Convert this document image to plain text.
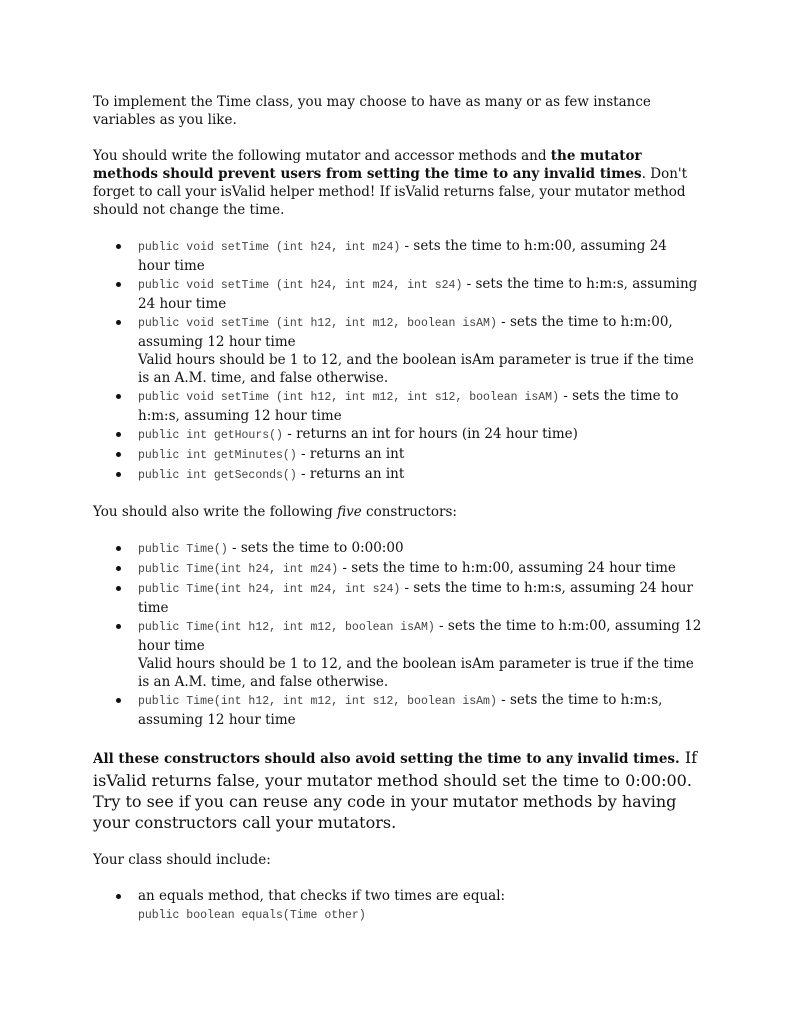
To implement the Time class, you may choose to have as many or as few instance variables as you like.

You should write the following mutator and accessor methods and the mutator methods should prevent users from setting the time to any invalid times. Don't forget to call your isValid helper method! If isValid returns false, your mutator method should not change the time.

public void setTime (int h24, int m24) - sets the time to h:m:00, assuming 24 hour time
public void setTime (int h24, int m24, int s24) - sets the time to h:m:s, assuming 24 hour time
public void setTime (int h12, int m12, boolean isAM) - sets the time to h:m:00, assuming 12 hour time
Valid hours should be 1 to 12, and the boolean isAm parameter is true if the time is an A.M. time, and false otherwise.
public void setTime (int h12, int m12, int s12, boolean isAM) - sets the time to h:m:s, assuming 12 hour time
public int getHours() - returns an int for hours (in 24 hour time)
public int getMinutes() - returns an int
public int getSeconds() - returns an int

You should also write the following five constructors:

public Time() - sets the time to 0:00:00
public Time(int h24, int m24) - sets the time to h:m:00, assuming 24 hour time
public Time(int h24, int m24, int s24) - sets the time to h:m:s, assuming 24 hour time
public Time(int h12, int m12, boolean isAM) - sets the time to h:m:00, assuming 12 hour time
Valid hours should be 1 to 12, and the boolean isAm parameter is true if the time is an A.M. time, and false otherwise.
public Time(int h12, int m12, int s12, boolean isAm) - sets the time to h:m:s, assuming 12 hour time

All these constructors should also avoid setting the time to any invalid times. If isValid returns false, your mutator method should set the time to 0:00:00. Try to see if you can reuse any code in your mutator methods by having your constructors call your mutators.

Your class should include:

an equals method, that checks if two times are equal:
public boolean equals(Time other)
